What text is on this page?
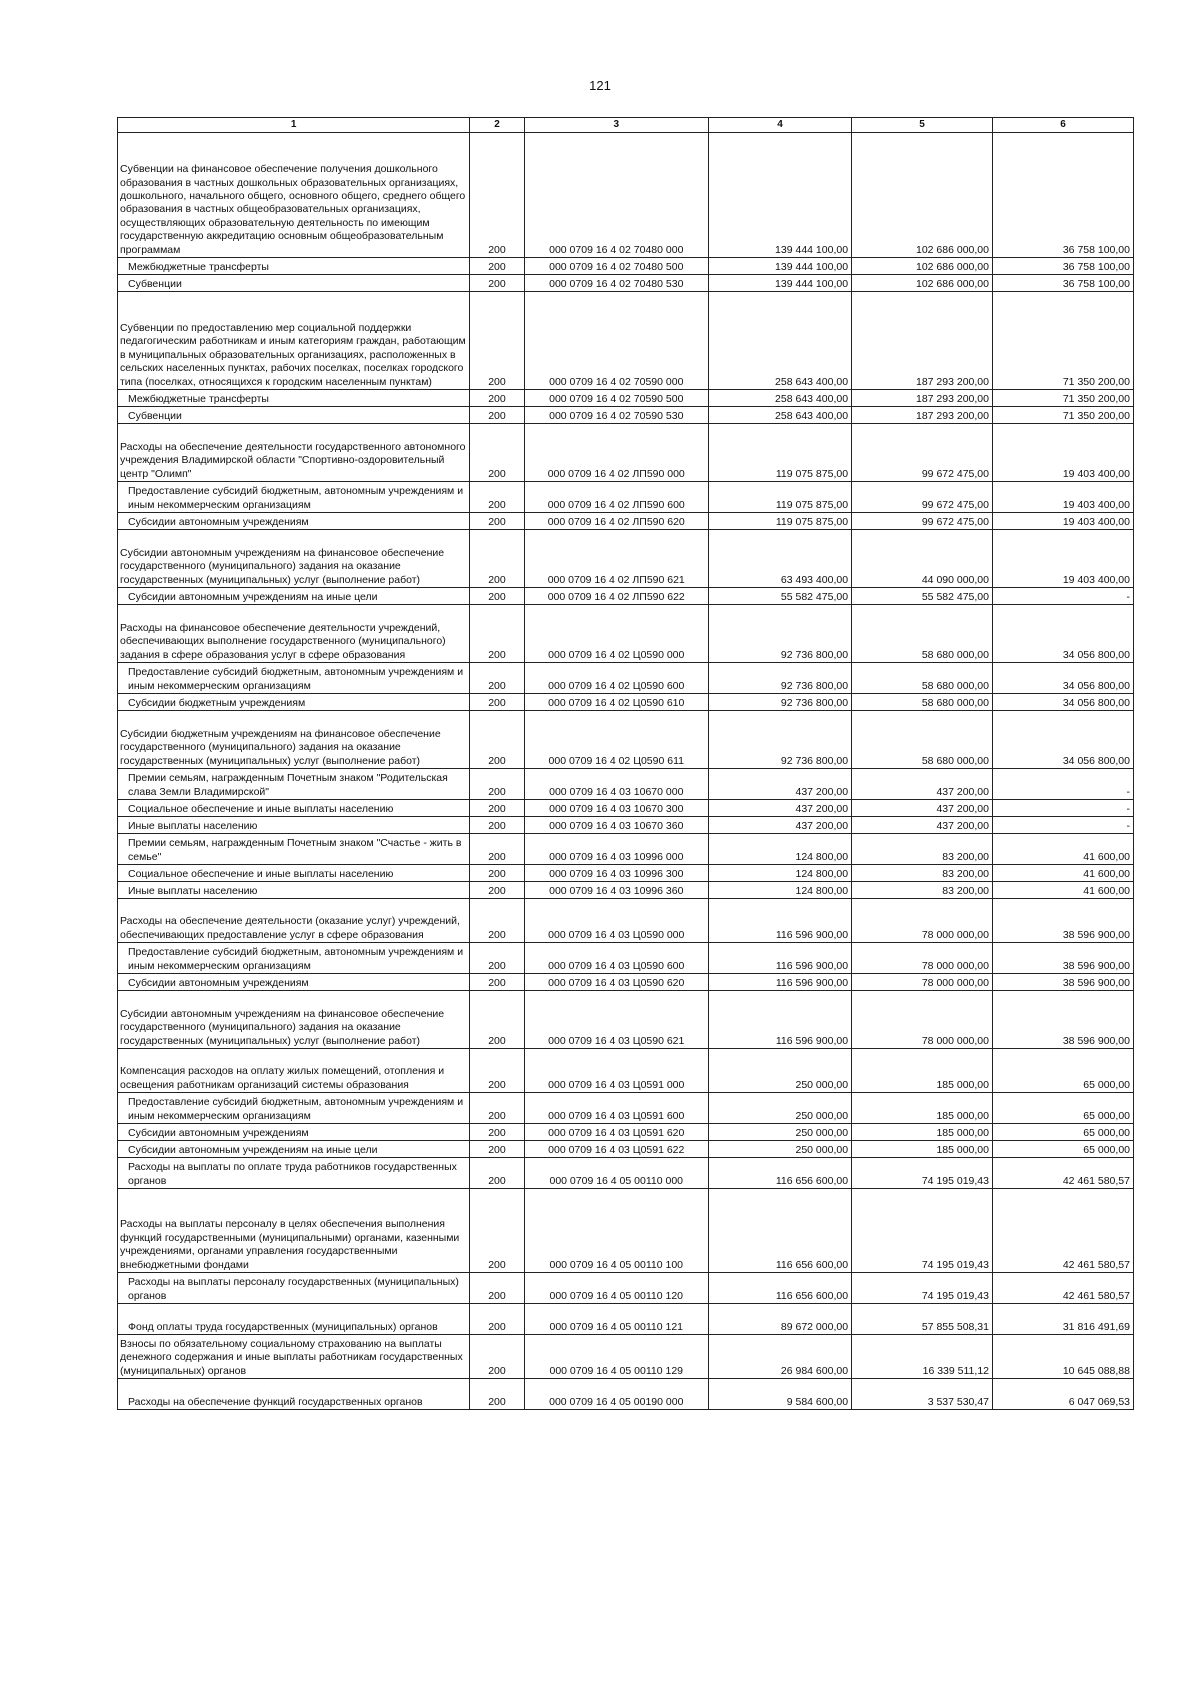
121
1	2	3	4	5	6
Субвенции на финансовое обеспечение получения дошкольного образования в частных дошкольных образовательных организациях, дошкольного, начального общего, основного общего, среднего общего образования в частных общеобразовательных организациях, осуществляющих образовательную деятельность по имеющим государственную аккредитацию основным общеобразовательным программам	200	000 0709 16 4 02 70480 000	139 444 100,00	102 686 000,00	36 758 100,00
Межбюджетные трансферты	200	000 0709 16 4 02 70480 500	139 444 100,00	102 686 000,00	36 758 100,00
Субвенции	200	000 0709 16 4 02 70480 530	139 444 100,00	102 686 000,00	36 758 100,00
Субвенции по предоставлению мер социальной поддержки педагогическим работникам и иным категориям граждан, работающим в муниципальных образовательных организациях, расположенных в сельских населенных пунктах, рабочих поселках, поселках городского типа (поселках, относящихся к городским населенным пунктам)	200	000 0709 16 4 02 70590 000	258 643 400,00	187 293 200,00	71 350 200,00
Межбюджетные трансферты	200	000 0709 16 4 02 70590 500	258 643 400,00	187 293 200,00	71 350 200,00
Субвенции	200	000 0709 16 4 02 70590 530	258 643 400,00	187 293 200,00	71 350 200,00
Расходы на обеспечение деятельности государственного автономного учреждения Владимирской области "Спортивно-оздоровительный центр "Олимп"	200	000 0709 16 4 02 ЛП590 000	119 075 875,00	99 672 475,00	19 403 400,00
Предоставление субсидий бюджетным, автономным учреждениям и иным некоммерческим организациям	200	000 0709 16 4 02 ЛП590 600	119 075 875,00	99 672 475,00	19 403 400,00
Субсидии автономным учреждениям	200	000 0709 16 4 02 ЛП590 620	119 075 875,00	99 672 475,00	19 403 400,00
Субсидии автономным учреждениям на финансовое обеспечение государственного (муниципального) задания на оказание государственных (муниципальных) услуг (выполнение работ)	200	000 0709 16 4 02 ЛП590 621	63 493 400,00	44 090 000,00	19 403 400,00
Субсидии автономным учреждениям на иные цели	200	000 0709 16 4 02 ЛП590 622	55 582 475,00	55 582 475,00	-
Расходы на финансовое обеспечение деятельности учреждений, обеспечивающих выполнение государственного (муниципального) задания в сфере образования услуг в сфере образования	200	000 0709 16 4 02 Ц0590 000	92 736 800,00	58 680 000,00	34 056 800,00
Предоставление субсидий бюджетным, автономным учреждениям и иным некоммерческим организациям	200	000 0709 16 4 02 Ц0590 600	92 736 800,00	58 680 000,00	34 056 800,00
Субсидии бюджетным учреждениям	200	000 0709 16 4 02 Ц0590 610	92 736 800,00	58 680 000,00	34 056 800,00
Субсидии бюджетным учреждениям на финансовое обеспечение государственного (муниципального) задания на оказание государственных (муниципальных) услуг (выполнение работ)	200	000 0709 16 4 02 Ц0590 611	92 736 800,00	58 680 000,00	34 056 800,00
Премии семьям, награжденным Почетным знаком "Родительская слава Земли Владимирской"	200	000 0709 16 4 03 10670 000	437 200,00	437 200,00	-
Социальное обеспечение и иные выплаты населению	200	000 0709 16 4 03 10670 300	437 200,00	437 200,00	-
Иные выплаты населению	200	000 0709 16 4 03 10670 360	437 200,00	437 200,00	-
Премии семьям, награжденным Почетным знаком "Счастье - жить в семье"	200	000 0709 16 4 03 10996 000	124 800,00	83 200,00	41 600,00
Социальное обеспечение и иные выплаты населению	200	000 0709 16 4 03 10996 300	124 800,00	83 200,00	41 600,00
Иные выплаты населению	200	000 0709 16 4 03 10996 360	124 800,00	83 200,00	41 600,00
Расходы на обеспечение деятельности (оказание услуг) учреждений, обеспечивающих предоставление услуг в сфере образования	200	000 0709 16 4 03 Ц0590 000	116 596 900,00	78 000 000,00	38 596 900,00
Предоставление субсидий бюджетным, автономным учреждениям и иным некоммерческим организациям	200	000 0709 16 4 03 Ц0590 600	116 596 900,00	78 000 000,00	38 596 900,00
Субсидии автономным учреждениям	200	000 0709 16 4 03 Ц0590 620	116 596 900,00	78 000 000,00	38 596 900,00
Субсидии автономным учреждениям на финансовое обеспечение государственного (муниципального) задания на оказание государственных (муниципальных) услуг (выполнение работ)	200	000 0709 16 4 03 Ц0590 621	116 596 900,00	78 000 000,00	38 596 900,00
Компенсация расходов на оплату жилых помещений, отопления и освещения работникам организаций системы образования	200	000 0709 16 4 03 Ц0591 000	250 000,00	185 000,00	65 000,00
Предоставление субсидий бюджетным, автономным учреждениям и иным некоммерческим организациям	200	000 0709 16 4 03 Ц0591 600	250 000,00	185 000,00	65 000,00
Субсидии автономным учреждениям	200	000 0709 16 4 03 Ц0591 620	250 000,00	185 000,00	65 000,00
Субсидии автономным учреждениям на иные цели	200	000 0709 16 4 03 Ц0591 622	250 000,00	185 000,00	65 000,00
Расходы на выплаты по оплате труда работников государственных органов	200	000 0709 16 4 05 00110 000	116 656 600,00	74 195 019,43	42 461 580,57
Расходы на выплаты персоналу в целях обеспечения выполнения функций государственными (муниципальными) органами, казенными учреждениями, органами управления государственными внебюджетными фондами	200	000 0709 16 4 05 00110 100	116 656 600,00	74 195 019,43	42 461 580,57
Расходы на выплаты персоналу государственных (муниципальных) органов	200	000 0709 16 4 05 00110 120	116 656 600,00	74 195 019,43	42 461 580,57
Фонд оплаты труда государственных (муниципальных) органов	200	000 0709 16 4 05 00110 121	89 672 000,00	57 855 508,31	31 816 491,69
Взносы по обязательному социальному страхованию на выплаты денежного содержания и иные выплаты работникам государственных (муниципальных) органов	200	000 0709 16 4 05 00110 129	26 984 600,00	16 339 511,12	10 645 088,88
Расходы на обеспечение функций государственных органов	200	000 0709 16 4 05 00190 000	9 584 600,00	3 537 530,47	6 047 069,53
